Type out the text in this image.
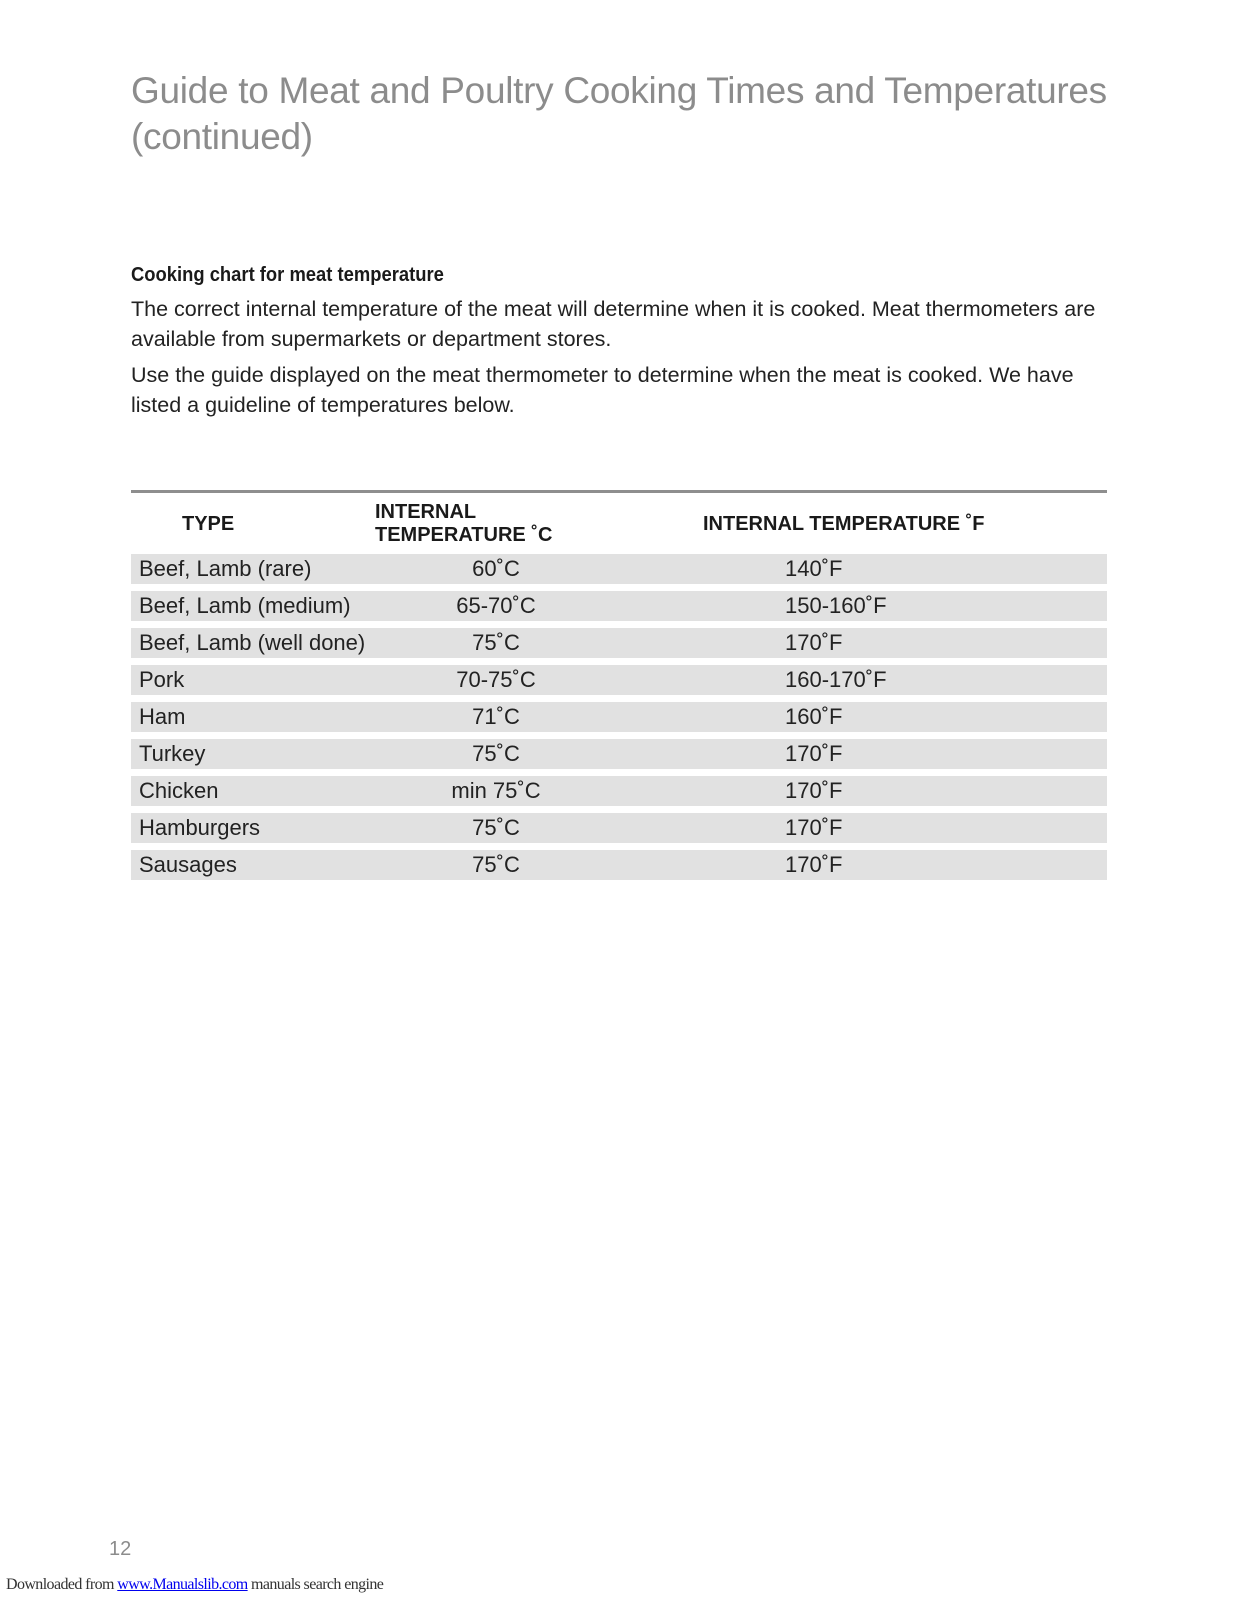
Guide to Meat and Poultry Cooking Times and Temperatures (continued)
Cooking chart for meat temperature

The correct internal temperature of the meat will determine when it is cooked. Meat thermometers are available from supermarkets or department stores.

Use the guide displayed on the meat thermometer to determine when the meat is cooked. We have listed a guideline of temperatures below.

TYPE	INTERNAL TEMPERATURE ˚C	INTERNAL TEMPERATURE ˚F
Beef, Lamb (rare)	60˚C	140˚F
Beef, Lamb (medium)	65-70˚C	150-160˚F
Beef, Lamb (well done)	75˚C	170˚F
Pork	70-75˚C	160-170˚F
Ham	71˚C	160˚F
Turkey	75˚C	170˚F
Chicken	min 75˚C	170˚F
Hamburgers	75˚C	170˚F
Sausages	75˚C	170˚F

12

Downloaded from www.Manualslib.com manuals search engine
